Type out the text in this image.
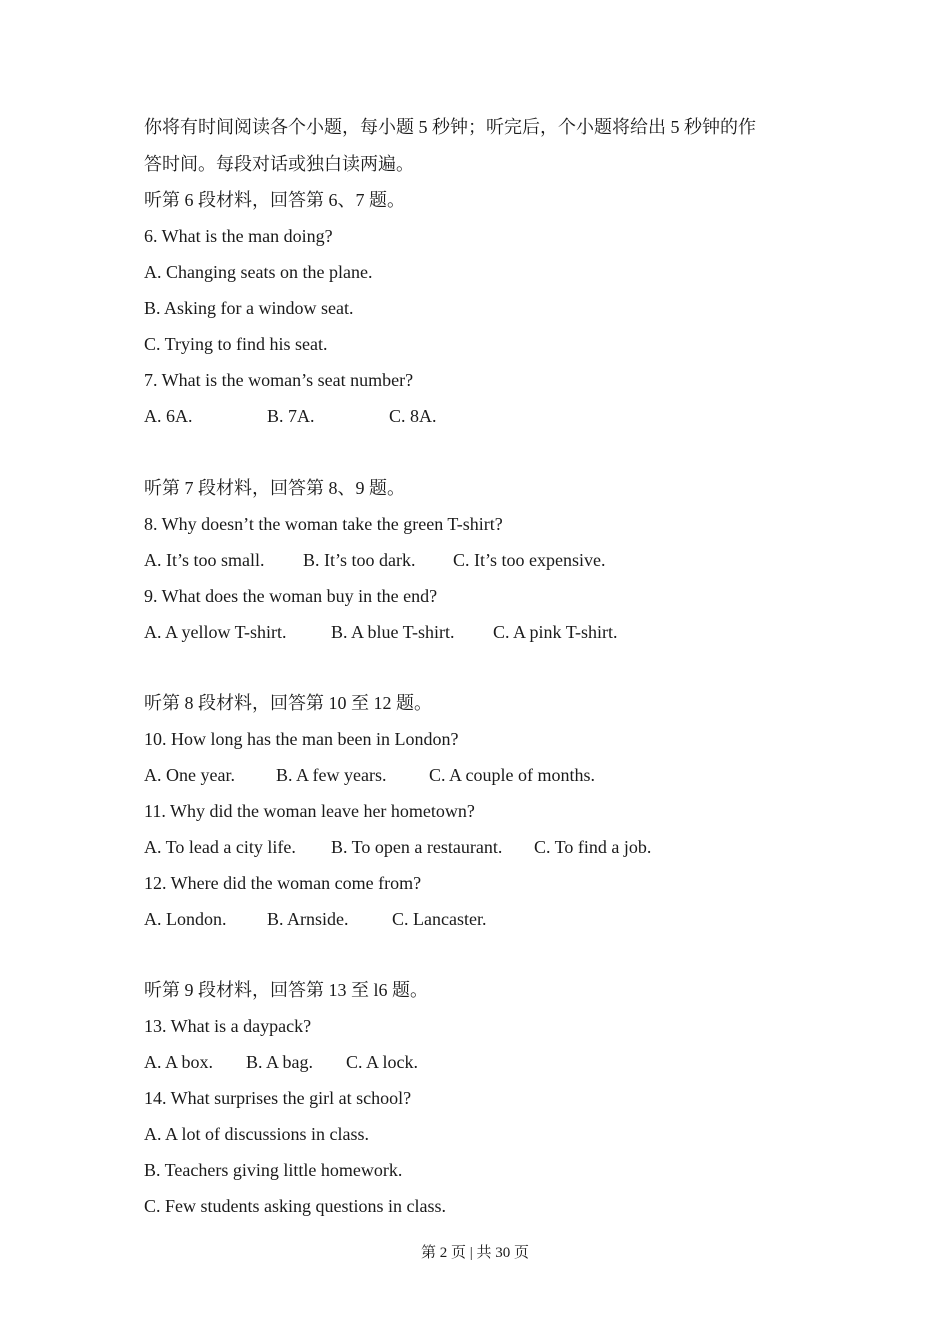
你将有时间阅读各个小题，每小题 5 秒钟；听完后，个小题将给出 5 秒钟的作
答时间。每段对话或独白读两遍。
听第 6 段材料，回答第 6、7 题。
6. What is the man doing?
A. Changing seats on the plane.
B. Asking for a window seat.
C. Trying to find his seat.
7. What is the woman’s seat number?
A. 6A.	B. 7A.	C. 8A.
听第 7 段材料，回答第 8、9 题。
8. Why doesn’t the woman take the green T-shirt?
A. It’s too small. B. It’s too dark. C. It’s too expensive.
9. What does the woman buy in the end?
A. A yellow T-shirt. B. A blue T-shirt. C. A pink T-shirt.
听第 8 段材料，回答第 10 至 12 题。
10. How long has the man been in London?
A. One year. B. A few years. C. A couple of months.
11. Why did the woman leave her hometown?
A. To lead a city life. B. To open a restaurant. C. To find a job.
12. Where did the woman come from?
A. London. B. Arnside. C. Lancaster.
听第 9 段材料，回答第 13 至 l6 题。
13. What is a daypack?
A. A box. B. A bag. C. A lock.
14. What surprises the girl at school?
A. A lot of discussions in class.
B. Teachers giving little homework.
C. Few students asking questions in class.
第 2 页 | 共 30 页
